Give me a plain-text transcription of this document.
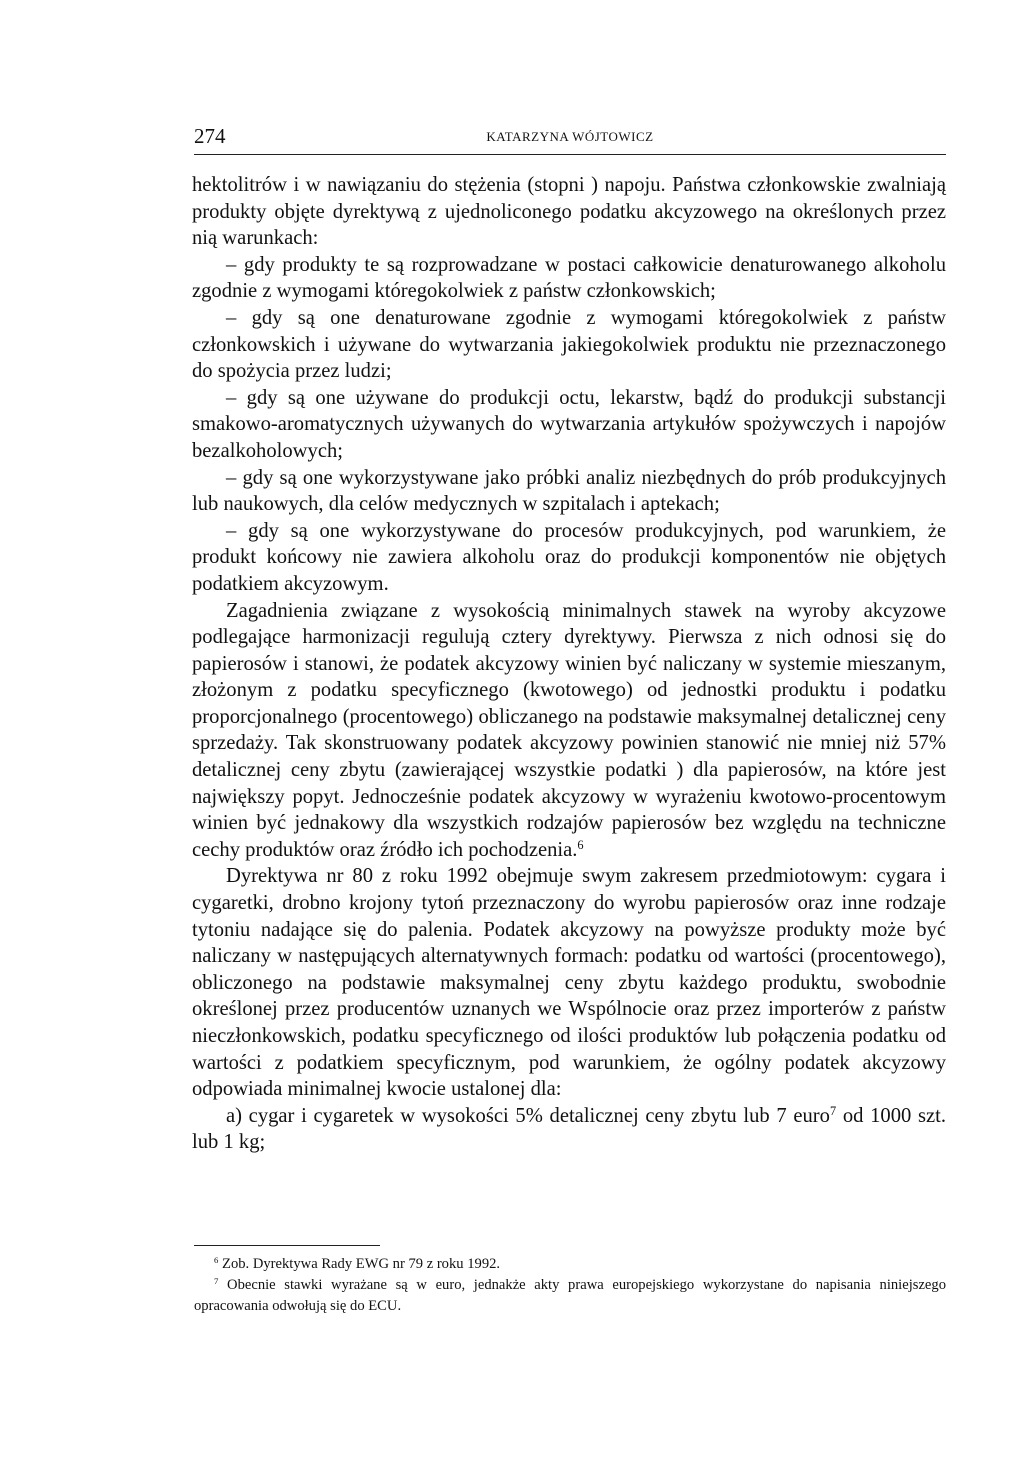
274	KATARZYNA WÓJTOWICZ

hektolitrów i w nawiązaniu do stężenia (stopni ) napoju. Państwa członkowskie zwalniają produkty objęte dyrektywą z ujednoliconego podatku akcyzowego na określonych przez nią warunkach:

– gdy produkty te są rozprowadzane w postaci całkowicie denaturowanego alkoholu zgodnie z wymogami któregokolwiek z państw członkowskich;

– gdy są one denaturowane zgodnie z wymogami któregokolwiek z państw członkowskich i używane do wytwarzania jakiegokolwiek produktu nie przeznaczonego do spożycia przez ludzi;

– gdy są one używane do produkcji octu, lekarstw, bądź do produkcji substancji smakowo-aromatycznych używanych do wytwarzania artykułów spożywczych i napojów bezalkoholowych;

– gdy są one wykorzystywane jako próbki analiz niezbędnych do prób produkcyjnych lub naukowych, dla celów medycznych w szpitalach i aptekach;

– gdy są one wykorzystywane do procesów produkcyjnych, pod warunkiem, że produkt końcowy nie zawiera alkoholu oraz do produkcji komponentów nie objętych podatkiem akcyzowym.

Zagadnienia związane z wysokością minimalnych stawek na wyroby akcyzowe podlegające harmonizacji regulują cztery dyrektywy. Pierwsza z nich odnosi się do papierosów i stanowi, że podatek akcyzowy winien być naliczany w systemie mieszanym, złożonym z podatku specyficznego (kwotowego) od jednostki produktu i podatku proporcjonalnego (procentowego) obliczanego na podstawie maksymalnej detalicznej ceny sprzedaży. Tak skonstruowany podatek akcyzowy powinien stanowić nie mniej niż 57% detalicznej ceny zbytu (zawierającej wszystkie podatki ) dla papierosów, na które jest największy popyt. Jednocześnie podatek akcyzowy w wyrażeniu kwotowo-procentowym winien być jednakowy dla wszystkich rodzajów papierosów bez względu na techniczne cechy produktów oraz źródło ich pochodzenia.$^6$

Dyrektywa nr 80 z roku 1992 obejmuje swym zakresem przedmiotowym: cygara i cygaretki, drobno krojony tytoń przeznaczony do wyrobu papierosów oraz inne rodzaje tytoniu nadające się do palenia. Podatek akcyzowy na powyższe produkty może być naliczany w następujących alternatywnych formach: podatku od wartości (procentowego), obliczonego na podstawie maksymalnej ceny zbytu każdego produktu, swobodnie określonej przez producentów uznanych we Wspólnocie oraz przez importerów z państw nieczłonkowskich, podatku specyficznego od ilości produktów lub połączenia podatku od wartości z podatkiem specyficznym, pod warunkiem, że ogólny podatek akcyzowy odpowiada minimalnej kwocie ustalonej dla:

a) cygar i cygaretek w wysokości 5% detalicznej ceny zbytu lub 7 euro$^7$ od 1000 szt. lub 1 kg;

$^6$ Zob. Dyrektywa Rady EWG nr 79 z roku 1992.

$^7$ Obecnie stawki wyrażane są w euro, jednakże akty prawa europejskiego wykorzystane do napisania niniejszego opracowania odwołują się do ECU.
